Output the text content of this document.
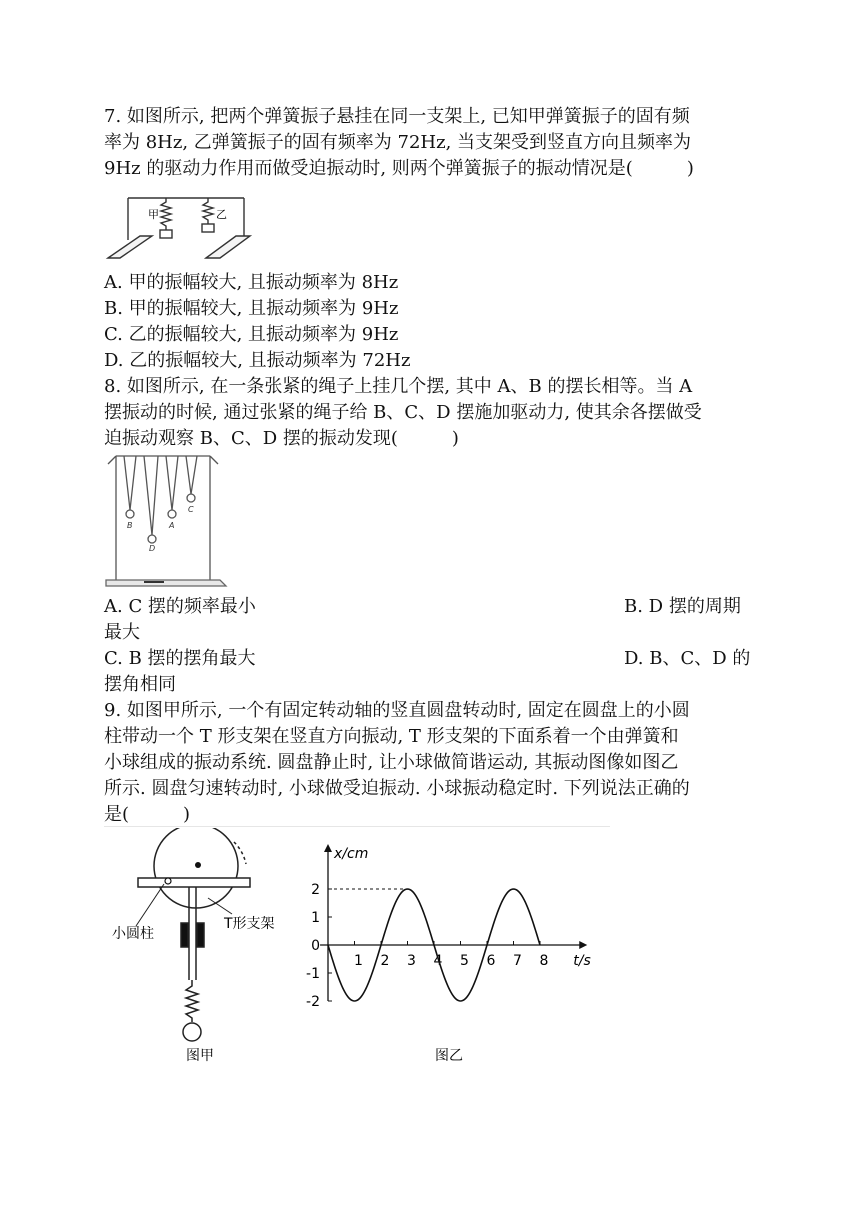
7. 如图所示, 把两个弹簧振子悬挂在同一支架上, 已知甲弹簧振子的固有频
率为 8Hz, 乙弹簧振子的固有频率为 72Hz, 当支架受到竖直方向且频率为
9Hz 的驱动力作用而做受迫振动时, 则两个弹簧振子的振动情况是(　　　)
甲	乙
A. 甲的振幅较大, 且振动频率为 8Hz
B. 甲的振幅较大, 且振动频率为 9Hz
C. 乙的振幅较大, 且振动频率为 9Hz
D. 乙的振幅较大, 且振动频率为 72Hz
8. 如图所示, 在一条张紧的绳子上挂几个摆, 其中 A、B 的摆长相等。当 A
摆振动的时候, 通过张紧的绳子给 B、C、D 摆施加驱动力, 使其余各摆做受
迫振动观察 B、C、D 摆的振动发现(　　　)
B
D
A
C
A. C 摆的频率最小	B. D 摆的周期
最大
C. B 摆的摆角最大	D. B、C、D 的
摆角相同
9. 如图甲所示, 一个有固定转动轴的竖直圆盘转动时, 固定在圆盘上的小圆
柱带动一个 T 形支架在竖直方向振动, T 形支架的下面系着一个由弹簧和
小球组成的振动系统. 圆盘静止时, 让小球做简谐运动, 其振动图像如图乙
所示. 圆盘匀速转动时, 小球做受迫振动. 小球振动稳定时. 下列说法正确的
是(　　　)
小圆柱
T形支架
图甲
x/cm
t/s
2
1
0
-1
-2
1 2 3 4 5 6 7 8
图乙
